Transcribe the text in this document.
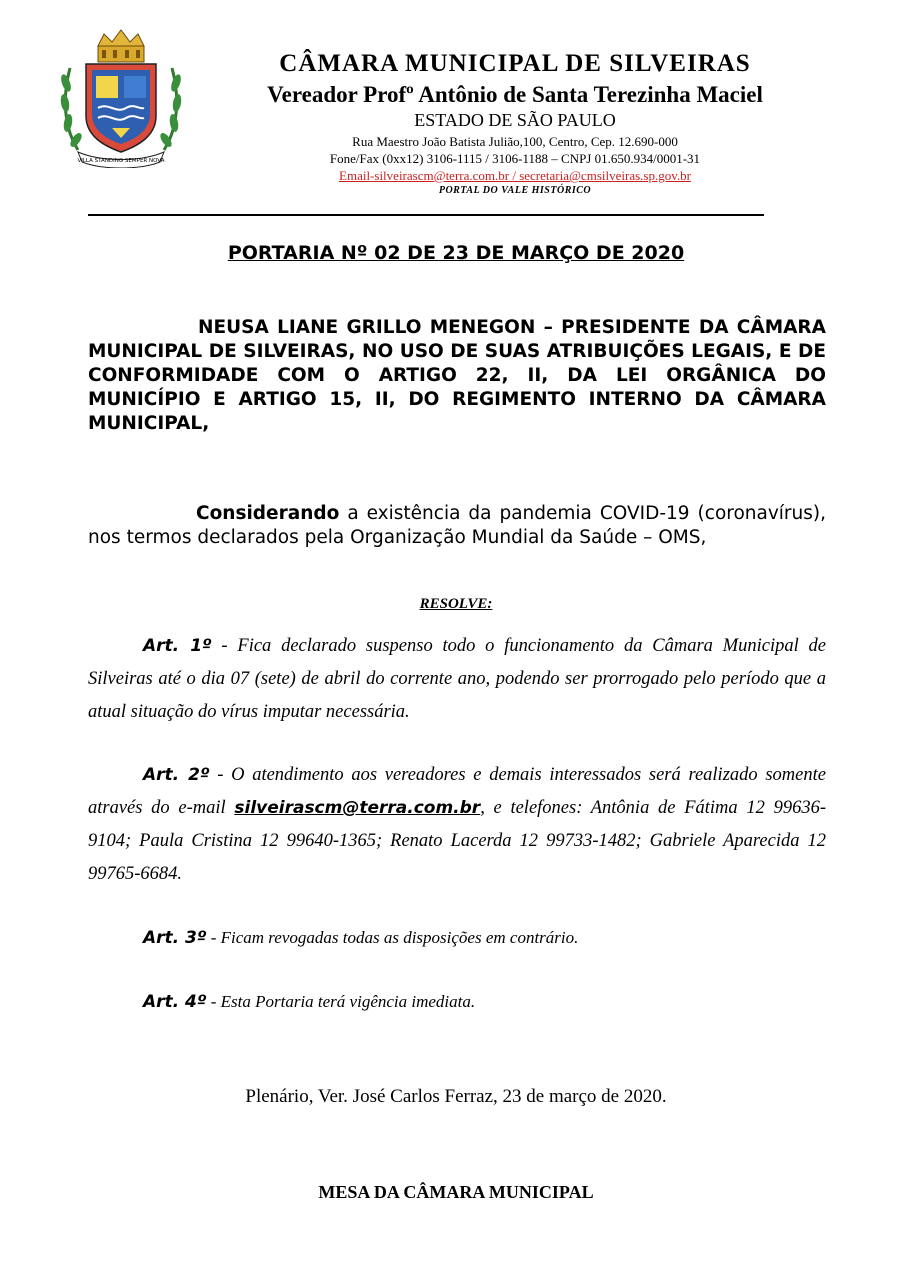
VILLA STANDING SEMPER NOVA
CÂMARA MUNICIPAL DE SILVEIRAS
Vereador Profº Antônio de Santa Terezinha Maciel
ESTADO DE SÃO PAULO
Rua Maestro João Batista Julião,100, Centro, Cep. 12.690-000
Fone/Fax (0xx12) 3106-1115 / 3106-1188 – CNPJ 01.650.934/0001-31
Email-silveirascm@terra.com.br / secretaria@cmsilveiras.sp.gov.br
PORTAL DO VALE HISTÓRICO
PORTARIA Nº 02 DE 23 DE MARÇO DE 2020
NEUSA LIANE GRILLO MENEGON – PRESIDENTE DA CÂMARA MUNICIPAL DE SILVEIRAS, NO USO DE SUAS ATRIBUIÇÕES LEGAIS, E DE CONFORMIDADE COM O ARTIGO 22, II, DA LEI ORGÂNICA DO MUNICÍPIO E ARTIGO 15, II, DO REGIMENTO INTERNO DA CÂMARA MUNICIPAL,
Considerando a existência da pandemia COVID-19 (coronavírus), nos termos declarados pela Organização Mundial da Saúde – OMS,
RESOLVE:
Art. 1º - Fica declarado suspenso todo o funcionamento da Câmara Municipal de Silveiras até o dia 07 (sete) de abril do corrente ano, podendo ser prorrogado pelo período que a atual situação do vírus imputar necessária.
Art. 2º - O atendimento aos vereadores e demais interessados será realizado somente através do e-mail silveirascm@terra.com.br, e telefones: Antônia de Fátima 12 99636-9104; Paula Cristina 12 99640-1365; Renato Lacerda 12 99733-1482; Gabriele Aparecida 12 99765-6684.
Art. 3º - Ficam revogadas todas as disposições em contrário.
Art. 4º - Esta Portaria terá vigência imediata.
Plenário, Ver. José Carlos Ferraz, 23 de março de 2020.
MESA DA CÂMARA MUNICIPAL
